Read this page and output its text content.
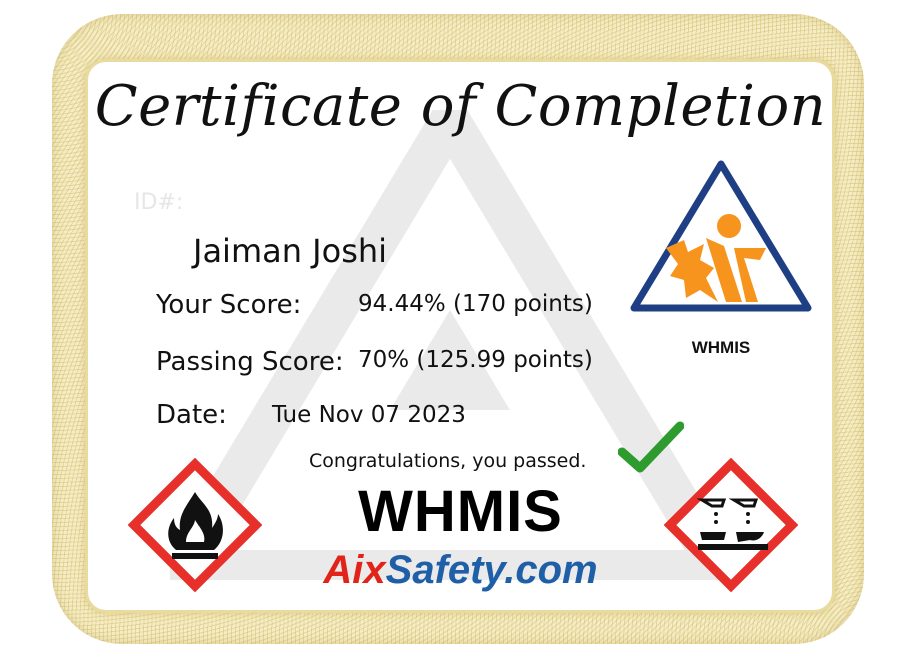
Certificate of Completion
ID#:
Jaiman Joshi
Your Score: 94.44% (170 points)
Passing Score: 70% (125.99 points)
Date: Tue Nov 07 2023
Congratulations, you passed.
WHMIS
WHMIS
AixSafety.com
